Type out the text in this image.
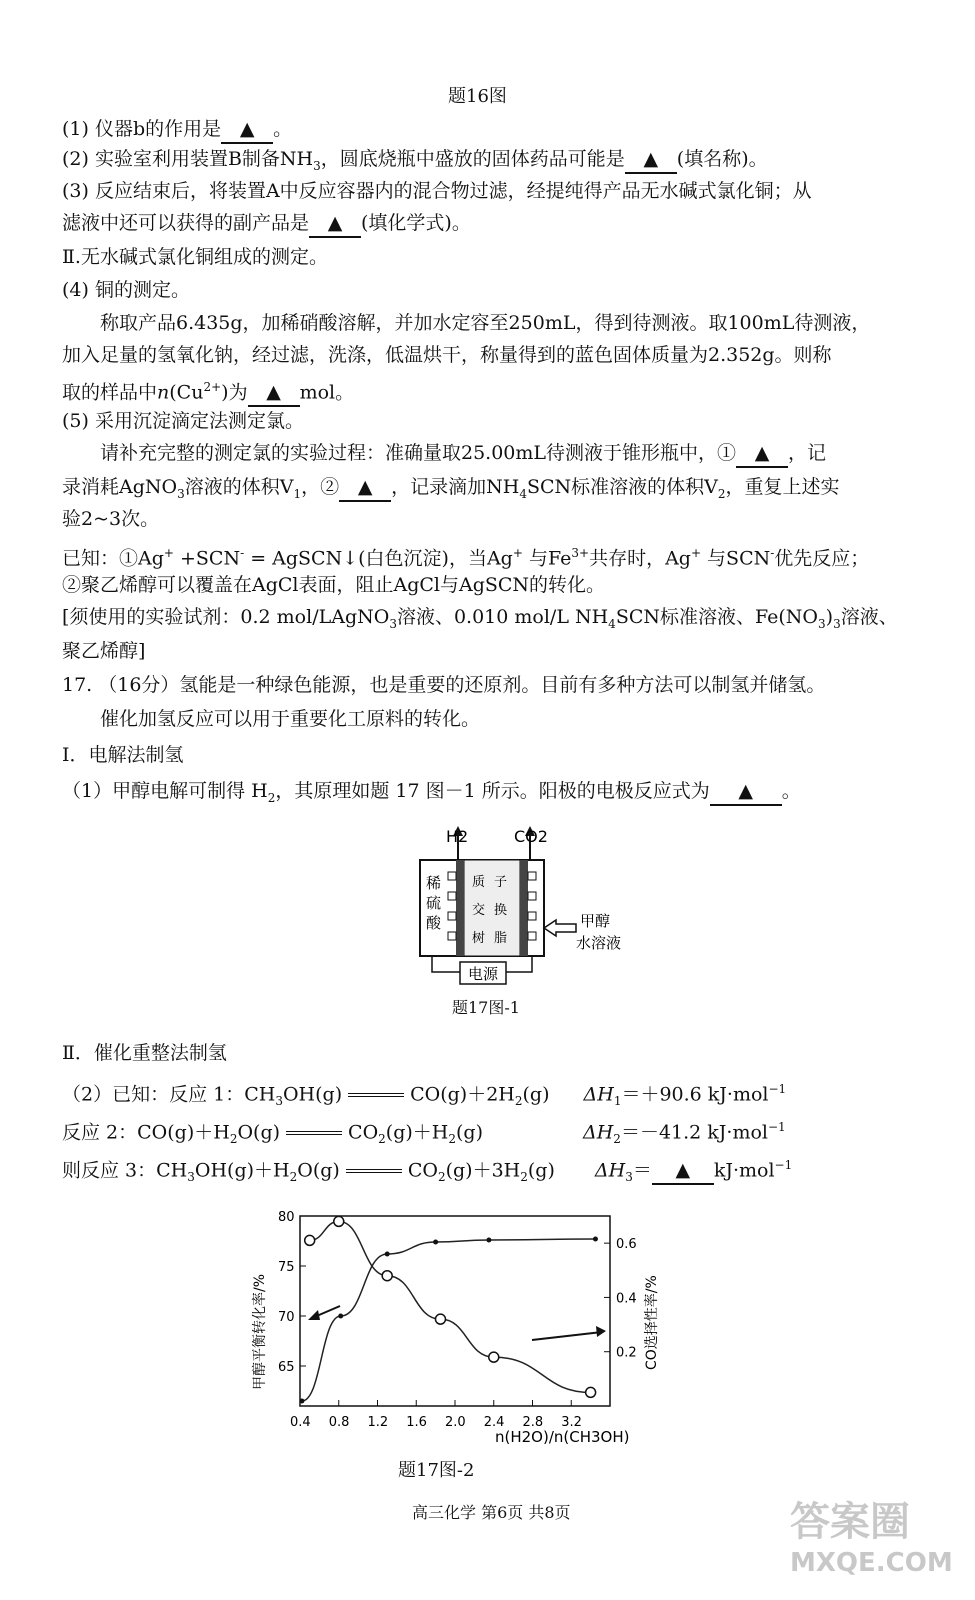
题16图
(1) 仪器b的作用是 ▲ 。
(2) 实验室利用装置B制备$NH_3$，圆底烧瓶中盛放的固体药品可能是 ▲ (填名称)。
(3) 反应结束后，将装置A中反应容器内的混合物过滤，经提纯得产品无水碱式氯化铜；从
滤液中还可以获得的副产品是 ▲ (填化学式)。
Ⅱ.无水碱式氯化铜组成的测定。
(4) 铜的测定。
称取产品6.435g，加稀硝酸溶解，并加水定容至250mL，得到待测液。取100mL待测液，
加入足量的氢氧化钠，经过滤，洗涤，低温烘干，称量得到的蓝色固体质量为2.352g。则称
取的样品中$n(Cu^{2+})$为 ▲ mol。
(5) 采用沉淀滴定法测定氯。
请补充完整的测定氯的实验过程：准确量取25.00mL待测液于锥形瓶中，① ▲ ，记
录消耗AgNO$_3$溶液的体积$V_1$，② ▲ ，记录滴加$NH_4SCN$标准溶液的体积$V_2$，重复上述实
验2~3次。
已知：①Ag+ +SCN- = AgSCN↓(白色沉淀)，当Ag+ 与$Fe^{3+}$共存时，Ag+ 与SCN-优先反应；
②聚乙烯醇可以覆盖在AgCl表面，阻止AgCl与AgSCN的转化。
[须使用的实验试剂：0.2 mol/LAgNO$_3$溶液、0.010 mol/L $NH_4SCN$标准溶液、$Fe(NO_3)_3$溶液、
聚乙烯醇]
17. （16分）氢能是一种绿色能源，也是重要的还原剂。目前有多种方法可以制氢并储氢。
催化加氢反应可以用于重要化工原料的转化。
Ⅰ．电解法制氢
（1）甲醇电解可制得 $H_2$，其原理如题 17 图－1 所示。阳极的电极反应式为 ▲ 。
H2	CO2
稀
硫
酸
质 子
交 换
树 脂
甲醇
水溶液
电源
题17图-1
Ⅱ．催化重整法制氢
（2）已知：反应 1：$CH_3OH(g)$	$CO(g)+2H_2(g)$ $\Delta H_1=+90.6$ kJ·mol$^{-1}$
反应 2：$CO(g)+H_2O(g)$	$CO_2(g)+H_2(g)$	$\Delta H_2=-41.2$ kJ·mol$^{-1}$
则反应 3：$CH_3OH(g)+H_2O(g)$	$CO_2(g)+3H_2(g)$ $\Delta H_3=$ ▲ kJ·mol$^{-1}$
0.4 0.8 1.2 1.6 2.0 2.4 2.8 3.2
65
70
75
80
0.2
0.4
0.6
甲醇平衡转化率/%	CO选择性率/%
n(H2O)/n(CH3OH)
题17图-2
高三化学 第6页 共8页	答案圈
MXQE.COM
